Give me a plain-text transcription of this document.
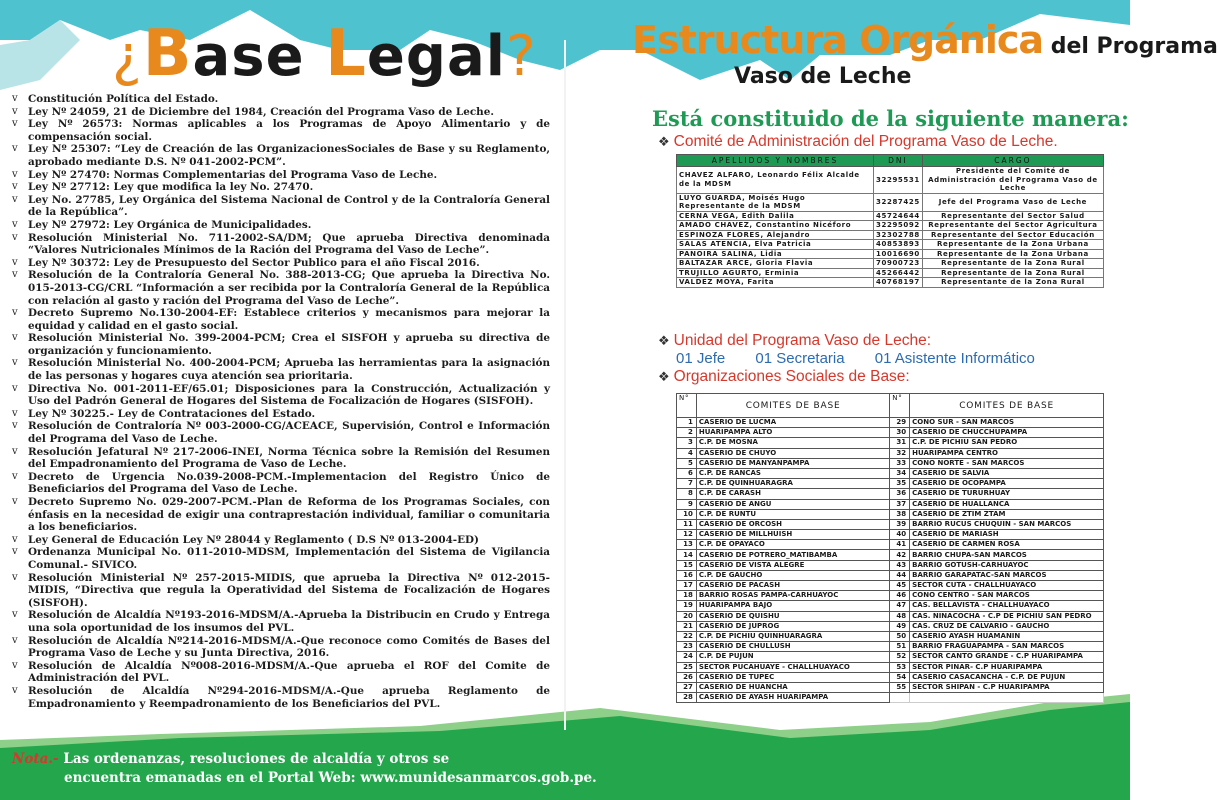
¿Base Legal?
v Constitución Política del Estado.
v Ley Nº 24059, 21 de Diciembre del 1984, Creación del Programa Vaso de Leche.
v Ley Nº 26573: Normas aplicables a los Programas de Apoyo Alimentario y de compensación social.
v Ley Nº 25307: “Ley de Creación de las OrganizacionesSociales de Base y su Reglamento, aprobado mediante D.S. Nº 041-2002-PCM”.
v Ley Nº 27470: Normas Complementarias del Programa Vaso de Leche.
v Ley Nº 27712: Ley que modifica la ley No. 27470.
v Ley No. 27785, Ley Orgánica del Sistema Nacional de Control y de la Contraloría General de la República”.
v Ley Nº 27972: Ley Orgánica de Municipalidades.
v Resolución Ministerial No. 711-2002-SA/DM; Que aprueba Directiva denominada “Valores Nutricionales Mínimos de la Ración del Programa del Vaso de Leche”.
v Ley Nº 30372: Ley de Presupuesto del Sector Publico para el año Fiscal 2016.
v Resolución de la Contraloría General No. 388-2013-CG; Que aprueba la Directiva No. 015-2013-CG/CRL “Información a ser recibida por la Contraloría General de la República con relación al gasto y ración del Programa del Vaso de Leche”.
v Decreto Supremo No.130-2004-EF: Establece criterios y mecanismos para mejorar la equidad y calidad en el gasto social.
v Resolución Ministerial No. 399-2004-PCM; Crea el SISFOH y aprueba su directiva de organización y funcionamiento.
v Resolución Ministerial No. 400-2004-PCM; Aprueba las herramientas para la asignación de las personas y hogares cuya atención sea prioritaria.
v Directiva No. 001-2011-EF/65.01; Disposiciones para la Construcción, Actualización y Uso del Padrón General de Hogares del Sistema de Focalización de Hogares (SISFOH).
v Ley Nº 30225.- Ley de Contrataciones del Estado.
v Resolución de Contraloría Nº 003-2000-CG/ACEACE, Supervisión, Control e Información del Programa del Vaso de Leche.
v Resolución Jefatural Nº 217-2006-INEI, Norma Técnica sobre la Remisión del Resumen del Empadronamiento del Programa de Vaso de Leche.
v Decreto de Urgencia No.039-2008-PCM.-Implementacion del Registro Único de Beneficiarios del Programa del Vaso de Leche.
v Decreto Supremo No. 029-2007-PCM.-Plan de Reforma de los Programas Sociales, con énfasis en la necesidad de exigir una contraprestación individual, familiar o comunitaria a los beneficiarios.
v Ley General de Educación Ley Nº 28044 y Reglamento ( D.S Nº 013-2004-ED)
v Ordenanza Municipal No. 011-2010-MDSM, Implementación del Sistema de Vigilancia Comunal.- SIVICO.
v Resolución Ministerial Nº 257-2015-MIDIS, que aprueba la Directiva Nº 012-2015-MIDIS, “Directiva que regula la Operatividad del Sistema de Focalización de Hogares (SISFOH).
v Resolución de Alcaldía Nº193-2016-MDSM/A.-Aprueba la Distribucin en Crudo y Entrega una sola oportunidad de los insumos del PVL.
v Resolución de Alcaldía Nº214-2016-MDSM/A.-Que reconoce como Comités de Bases del Programa Vaso de Leche y su Junta Directiva, 2016.
v Resolución de Alcaldía Nº008-2016-MDSM/A.-Que aprueba el ROF del Comite de Administración del PVL.
v Resolución de Alcaldía Nº294-2016-MDSM/A.-Que aprueba Reglamento de Empadronamiento y Reempadronamiento de los Beneficiarios del PVL.
Nota.- Las ordenanzas, resoluciones de alcaldía y otros se
encuentra emanadas en el Portal Web: www.munidesanmarcos.gob.pe.
Estructura Orgánica del Programa
Vaso de Leche
Está constituido de la siguiente manera:
❖ Comité de Administración del Programa Vaso de Leche.
APELLIDOS Y NOMBRES	DNI	CARGO
CHAVEZ ALFARO, Leonardo Félix Alcalde de la MDSM	32295531	Presidente del Comité de Administración del Programa Vaso de Leche
LUYO GUARDA, Moisés Hugo Representante de la MDSM	32287425	Jefe del Programa Vaso de Leche
CERNA VEGA, Edith Dalila	45724644	Representante del Sector Salud
AMADO CHAVEZ, Constantino Nicéforo	32295092	Representante del Sector Agricultura
ESPINOZA FLORES, Alejandro	32302788	Representante del Sector Educación
SALAS ATENCIA, Elva Patricia	40853893	Representante de la Zona Urbana
PANOIRA SALINA, Lidia	10016690	Representante de la Zona Urbana
BALTAZAR ARCE, Gloria Flavia	70900723	Representante de la Zona Rural
TRUJILLO AGURTO, Erminia	45266442	Representante de la Zona Rural
VALDEZ MOYA, Farita	40768197	Representante de la Zona Rural
❖ Unidad del Programa Vaso de Leche:
01 Jefe 01 Secretaria 01 Asistente Informático
❖ Organizaciones Sociales de Base:
N°	COMITES DE BASE	N°	COMITES DE BASE
1	CASERIO DE LUCMA	29	CONO SUR - SAN MARCOS
2	HUARIPAMPA ALTO	30	CASERIO DE CHUCCHUPAMPA
3	C.P. DE MOSNA	31	C.P. DE PICHIU SAN PEDRO
4	CASERIO DE CHUYO	32	HUARIPAMPA CENTRO
5	CASERIO DE MANYANPAMPA	33	CONO NORTE - SAN MARCOS
6	C.P. DE RANCAS	34	CASERIO DE SALVIA
7	C.P. DE QUINHUARAGRA	35	CASERIO DE OCOPAMPA
8	C.P. DE CARASH	36	CASERIO DE TURURHUAY
9	CASERIO DE ANGU	37	CASERIO DE HUALLANCA
10	C.P. DE RUNTU	38	CASERIO DE ZTIM ZTAM
11	CASERIO DE ORCOSH	39	BARRIO RUCUS CHUQUIN - SAN MARCOS
12	CASERIO DE MILLHUISH	40	CASERIO DE MARIASH
13	C.P. DE OPAYACO	41	CASERIO DE CARMEN ROSA
14	CASERIO DE POTRERO_MATIBAMBA	42	BARRIO CHUPA-SAN MARCOS
15	CASERIO DE VISTA ALEGRE	43	BARRIO GOTUSH-CARHUAYOC
16	C.P. DE GAUCHO	44	BARRIO GARAPATAC-SAN MARCOS
17	CASERIO DE PACASH	45	SECTOR CUTA - CHALLHUAYACO
18	BARRIO ROSAS PAMPA-CARHUAYOC	46	CONO CENTRO - SAN MARCOS
19	HUARIPAMPA BAJO	47	CAS. BELLAVISTA - CHALLHUAYACO
20	CASERIO DE QUISHU	48	CAS. NINACOCHA - C.P DE PICHIU SAN PEDRO
21	CASERIO DE JUPROG	49	CAS. CRUZ DE CALVARIO - GAUCHO
22	C.P. DE PICHIU QUINHUARAGRA	50	CASERIO AYASH HUAMANIN
23	CASERIO DE CHULLUSH	51	BARRIO FRAGUAPAMPA - SAN MARCOS
24	C.P. DE PUJUN	52	SECTOR CANTO GRANDE - C.P HUARIPAMPA
25	SECTOR PUCAHUAYE - CHALLHUAYACO	53	SECTOR PINAR- C.P HUARIPAMPA
26	CASERIO DE TUPEC	54	CASERIO CASACANCHA - C.P. DE PUJUN
27	CASERIO DE HUANCHA	55	SECTOR SHIPAN - C.P HUARIPAMPA
28	CASERIO DE AYASH HUARIPAMPA		
